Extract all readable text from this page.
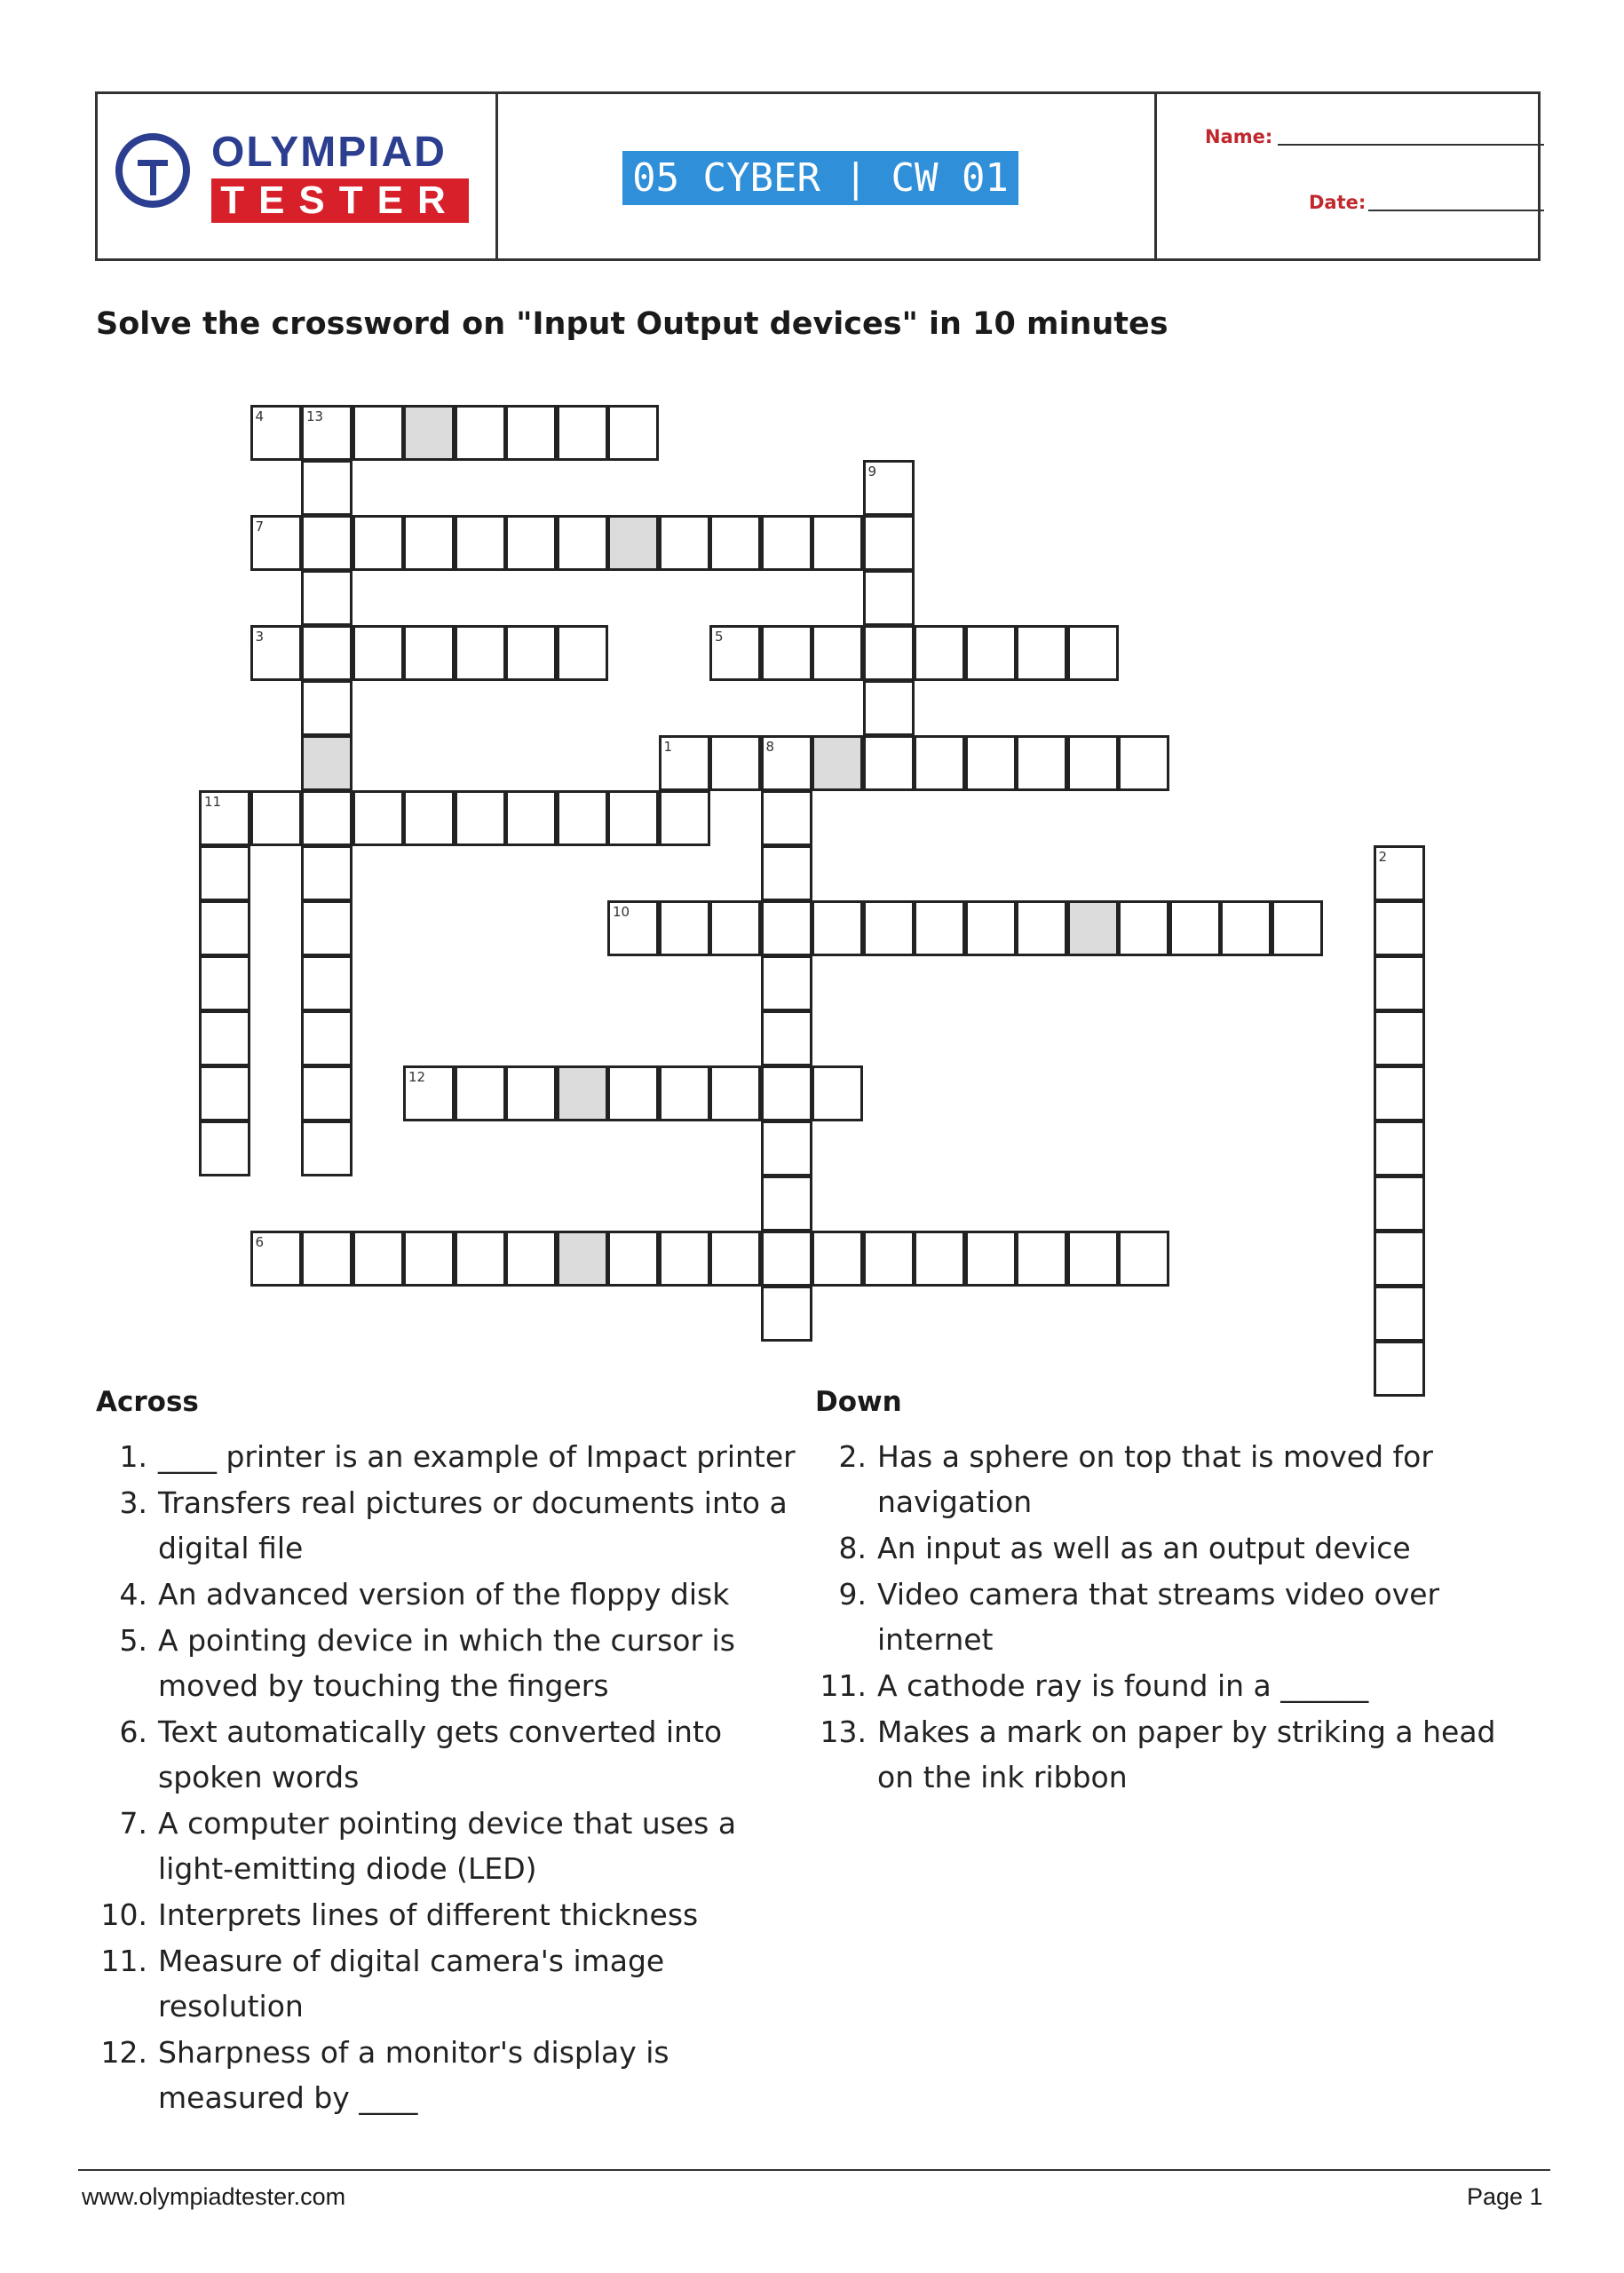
OLYMPIAD
TESTER	05 CYBER | CW 01
Name:
Date:
Solve the crossword on "Input Output devices" in 10 minutes
4	13
7
3	5
1	8
11
10
12
6
9
2
Across
1. ____ printer is an example of Impact printer
3. Transfers real pictures or documents into a digital file
4. An advanced version of the floppy disk
5. A pointing device in which the cursor is moved by touching the fingers
6. Text automatically gets converted into spoken words
7. A computer pointing device that uses a light-emitting diode (LED)
10. Interprets lines of different thickness
11. Measure of digital camera's image resolution
12. Sharpness of a monitor's display is measured by ____
Down
2. Has a sphere on top that is moved for navigation
8. An input as well as an output device
9. Video camera that streams video over internet
11. A cathode ray is found in a ______
13. Makes a mark on paper by striking a head on the ink ribbon
www.olympiadtester.com	Page 1
